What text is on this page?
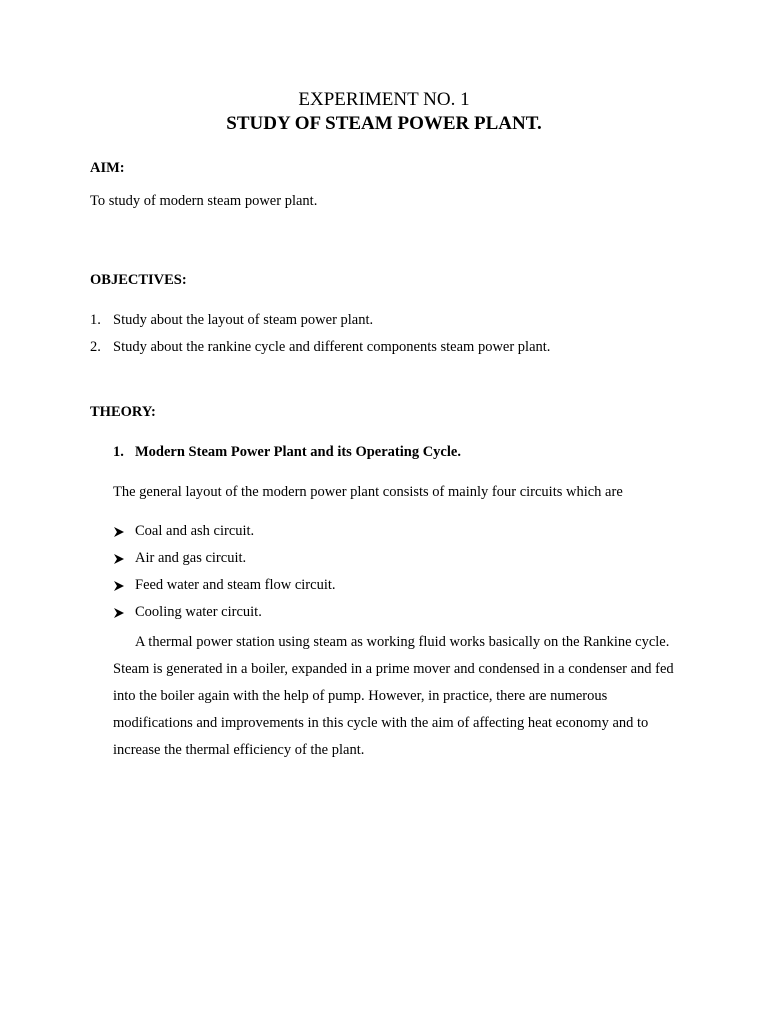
EXPERIMENT NO. 1
STUDY OF STEAM POWER PLANT.
AIM:

To study of modern steam power plant.

OBJECTIVES:
1. Study about the layout of steam power plant.
2. Study about the rankine cycle and different components steam power plant.
THEORY:
1. Modern Steam Power Plant and its Operating Cycle.

The general layout of the modern power plant consists of mainly four circuits which are

Coal and ash circuit.
Air and gas circuit.
Feed water and steam flow circuit.
Cooling water circuit.

A thermal power station using steam as working fluid works basically on the Rankine cycle. Steam is generated in a boiler, expanded in a prime mover and condensed in a condenser and fed into the boiler again with the help of pump. However, in practice, there are numerous modifications and improvements in this cycle with the aim of affecting heat economy and to increase the thermal efficiency of the plant.
